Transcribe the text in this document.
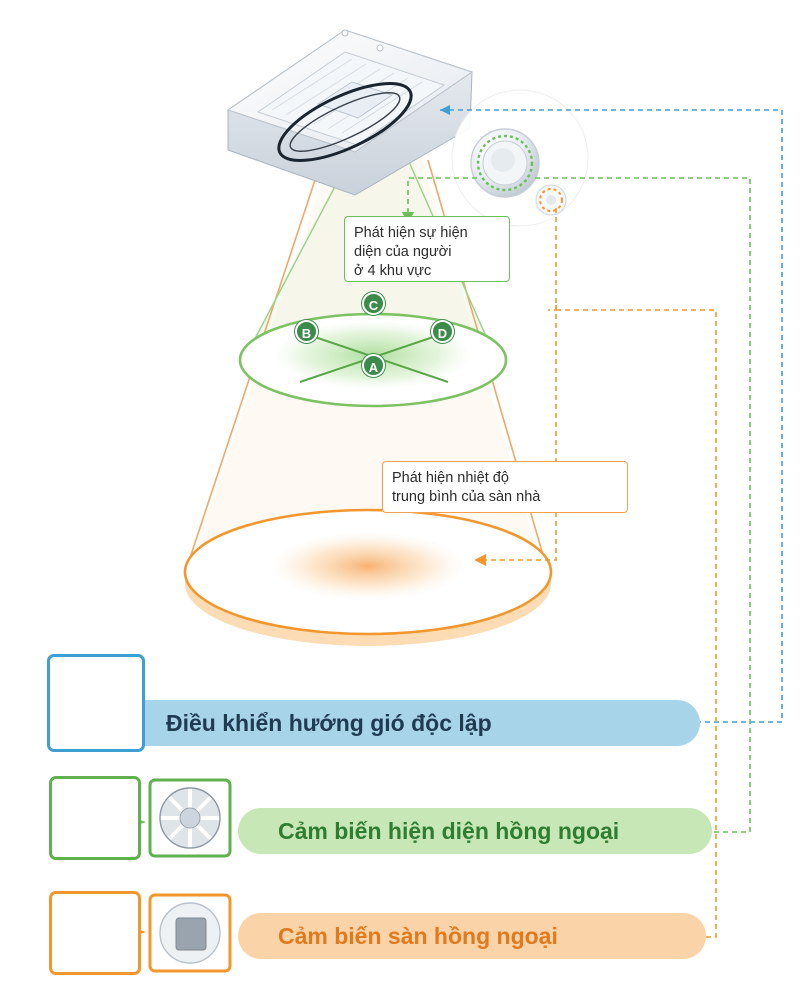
Phát hiện sự hiện
diện của người
ở 4 khu vực
Phát hiện nhiệt độ
trung bình của sàn nhà
C
B	D
A
Điều khiển hướng gió độc lập
Cảm biến hiện diện hồng ngoại
Cảm biến sàn hồng ngoại
